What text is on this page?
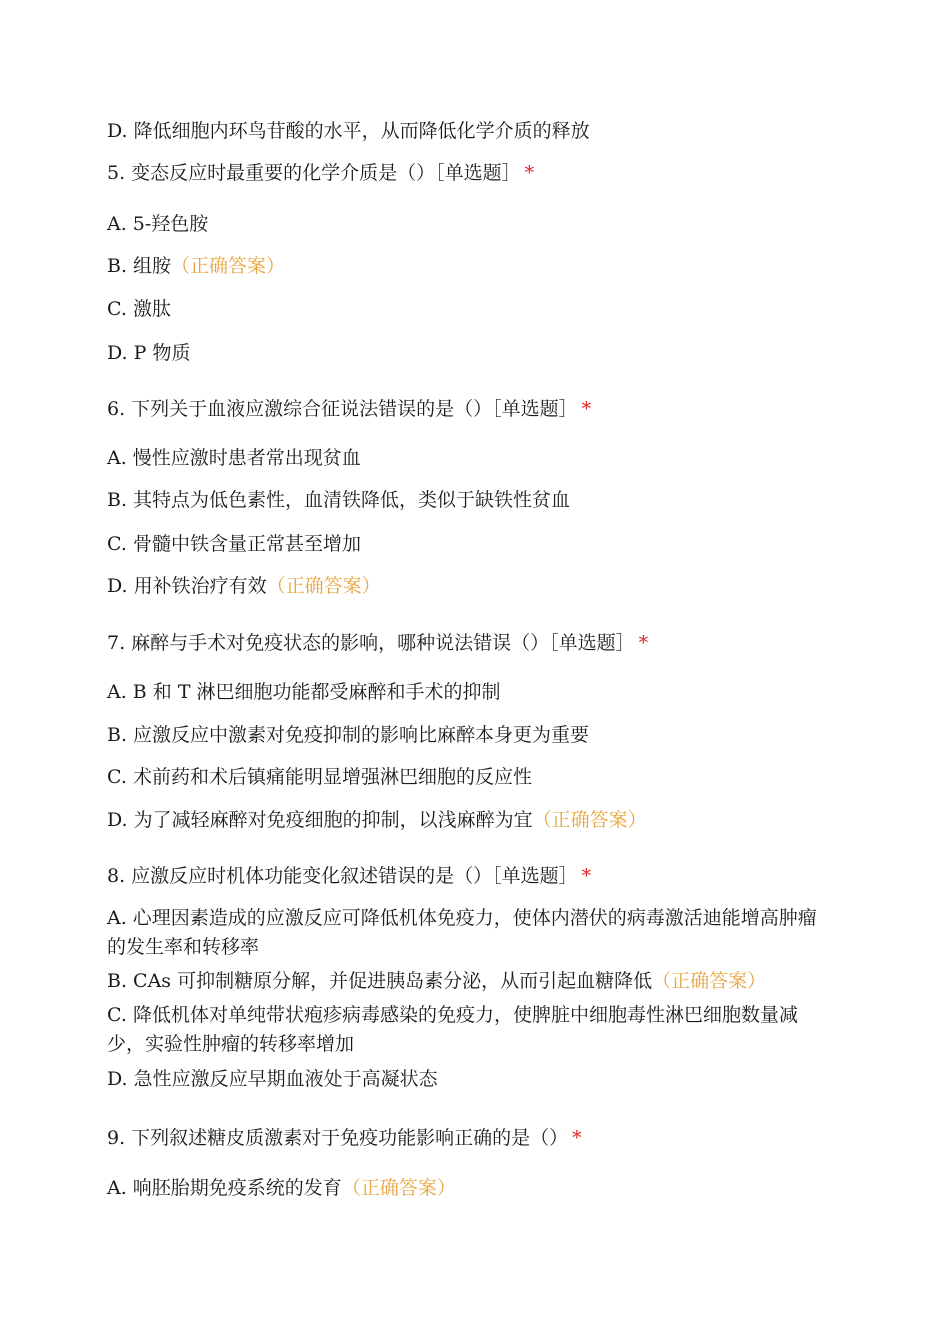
D. 降低细胞内环鸟苷酸的水平，从而降低化学介质的释放
5. 变态反应时最重要的化学介质是（）［单选题］ *
A. 5-羟色胺
B. 组胺（正确答案）
C. 激肽
D. P 物质
6. 下列关于血液应激综合征说法错误的是（）［单选题］ *
A. 慢性应激时患者常出现贫血
B. 其特点为低色素性，血清铁降低，类似于缺铁性贫血
C. 骨髓中铁含量正常甚至增加
D. 用补铁治疗有效（正确答案）
7. 麻醉与手术对免疫状态的影响，哪种说法错误（）［单选题］ *
A. B 和 T 淋巴细胞功能都受麻醉和手术的抑制
B. 应激反应中激素对免疫抑制的影响比麻醉本身更为重要
C. 术前药和术后镇痛能明显增强淋巴细胞的反应性
D. 为了减轻麻醉对免疫细胞的抑制，以浅麻醉为宜（正确答案）
8. 应激反应时机体功能变化叙述错误的是（）［单选题］ *
A. 心理因素造成的应激反应可降低机体免疫力，使体内潜伏的病毒激活迪能增高肿瘤的发生率和转移率
B. CAs 可抑制糖原分解，并促进胰岛素分泌，从而引起血糖降低（正确答案）
C. 降低机体对单纯带状疱疹病毒感染的免疫力，使脾脏中细胞毒性淋巴细胞数量减少，实验性肿瘤的转移率增加
D. 急性应激反应早期血液处于高凝状态
9. 下列叙述糖皮质激素对于免疫功能影响正确的是（） *
A. 响胚胎期免疫系统的发育（正确答案）
